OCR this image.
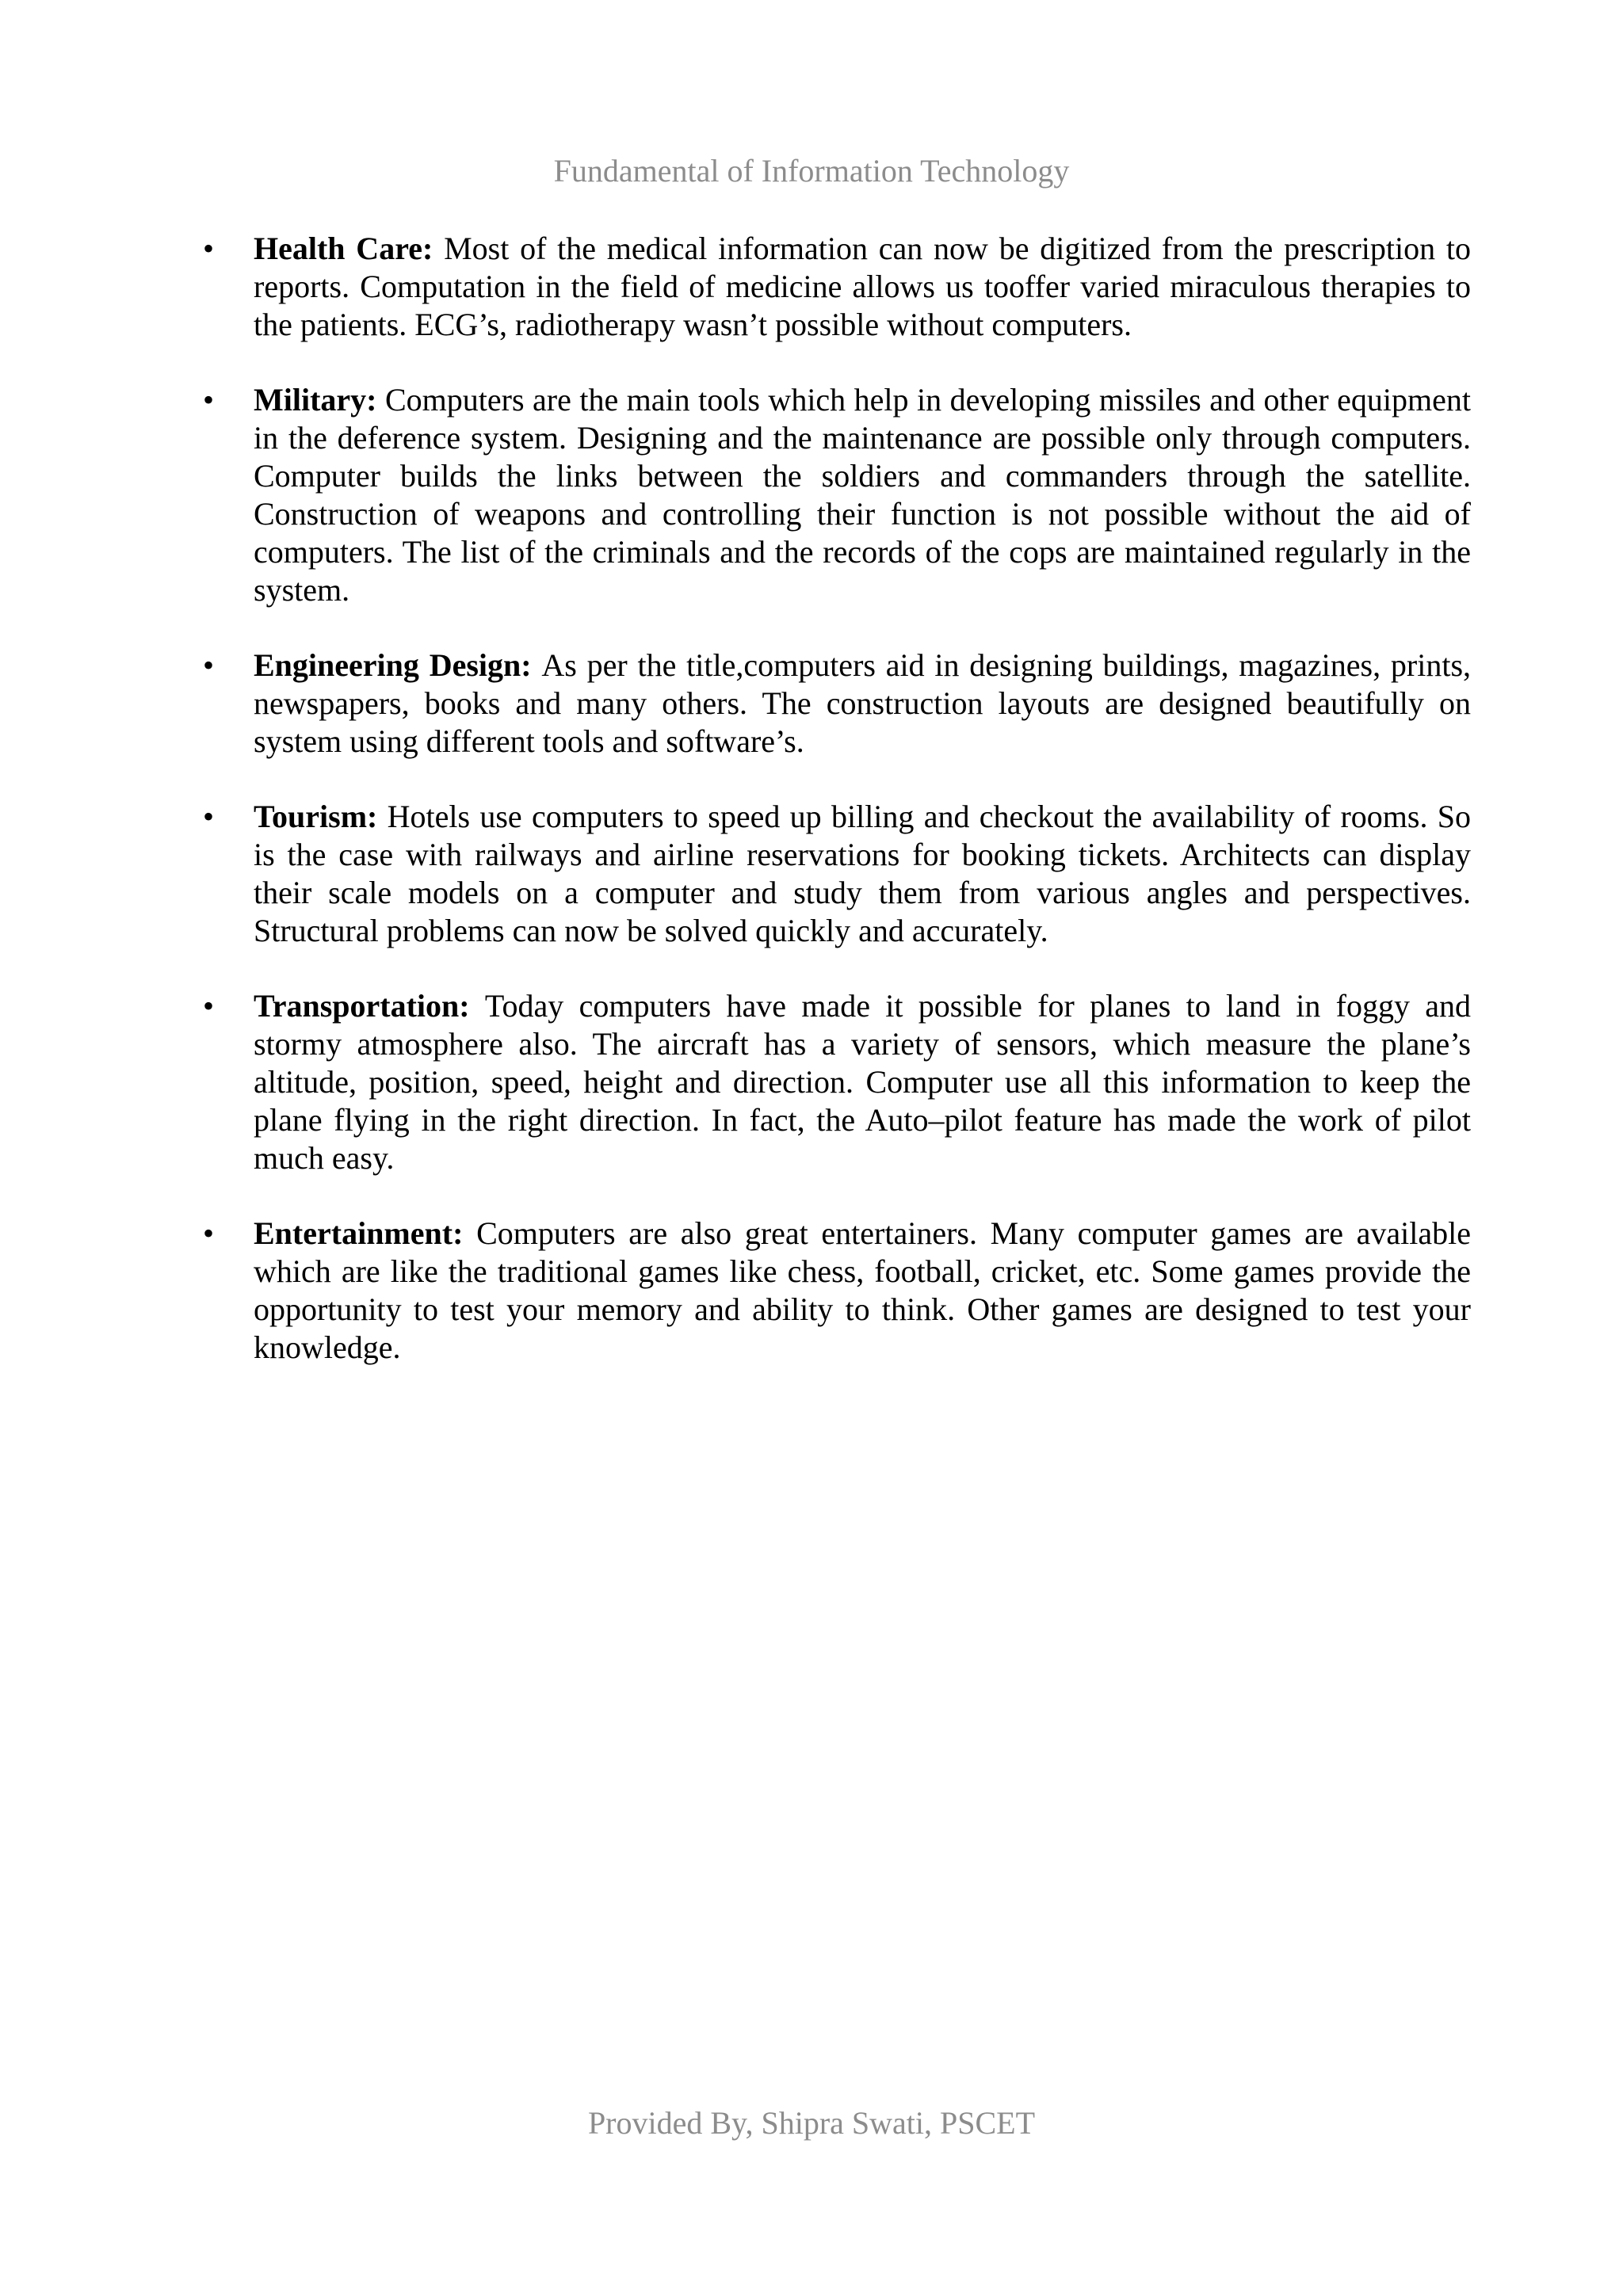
Fundamental of Information Technology
•	Health Care: Most of the medical information can now be digitized from the prescription to reports. Computation in the field of medicine allows us tooffer varied miraculous therapies to the patients. ECG’s, radiotherapy wasn’t possible without computers.
•	Military: Computers are the main tools which help in developing missiles and other equipment in the deference system. Designing and the maintenance are possible only through computers. Computer builds the links between the soldiers and commanders through the satellite. Construction of weapons and controlling their function is not possible without the aid of computers. The list of the criminals and the records of the cops are maintained regularly in the system.
•	Engineering Design: As per the title,computers aid in designing buildings, magazines, prints, newspapers, books and many others. The construction layouts are designed beautifully on system using different tools and software’s.
•	Tourism: Hotels use computers to speed up billing and checkout the availability of rooms. So is the case with railways and airline reservations for booking tickets. Architects can display their scale models on a computer and study them from various angles and perspectives. Structural problems can now be solved quickly and accurately.
•	Transportation: Today computers have made it possible for planes to land in foggy and stormy atmosphere also. The aircraft has a variety of sensors, which measure the plane’s altitude, position, speed, height and direction. Computer use all this information to keep the plane flying in the right direction. In fact, the Auto–pilot feature has made the work of pilot much easy.
•	Entertainment: Computers are also great entertainers. Many computer games are available which are like the traditional games like chess, football, cricket, etc. Some games provide the opportunity to test your memory and ability to think. Other games are designed to test your knowledge.
Provided By, Shipra Swati, PSCET
